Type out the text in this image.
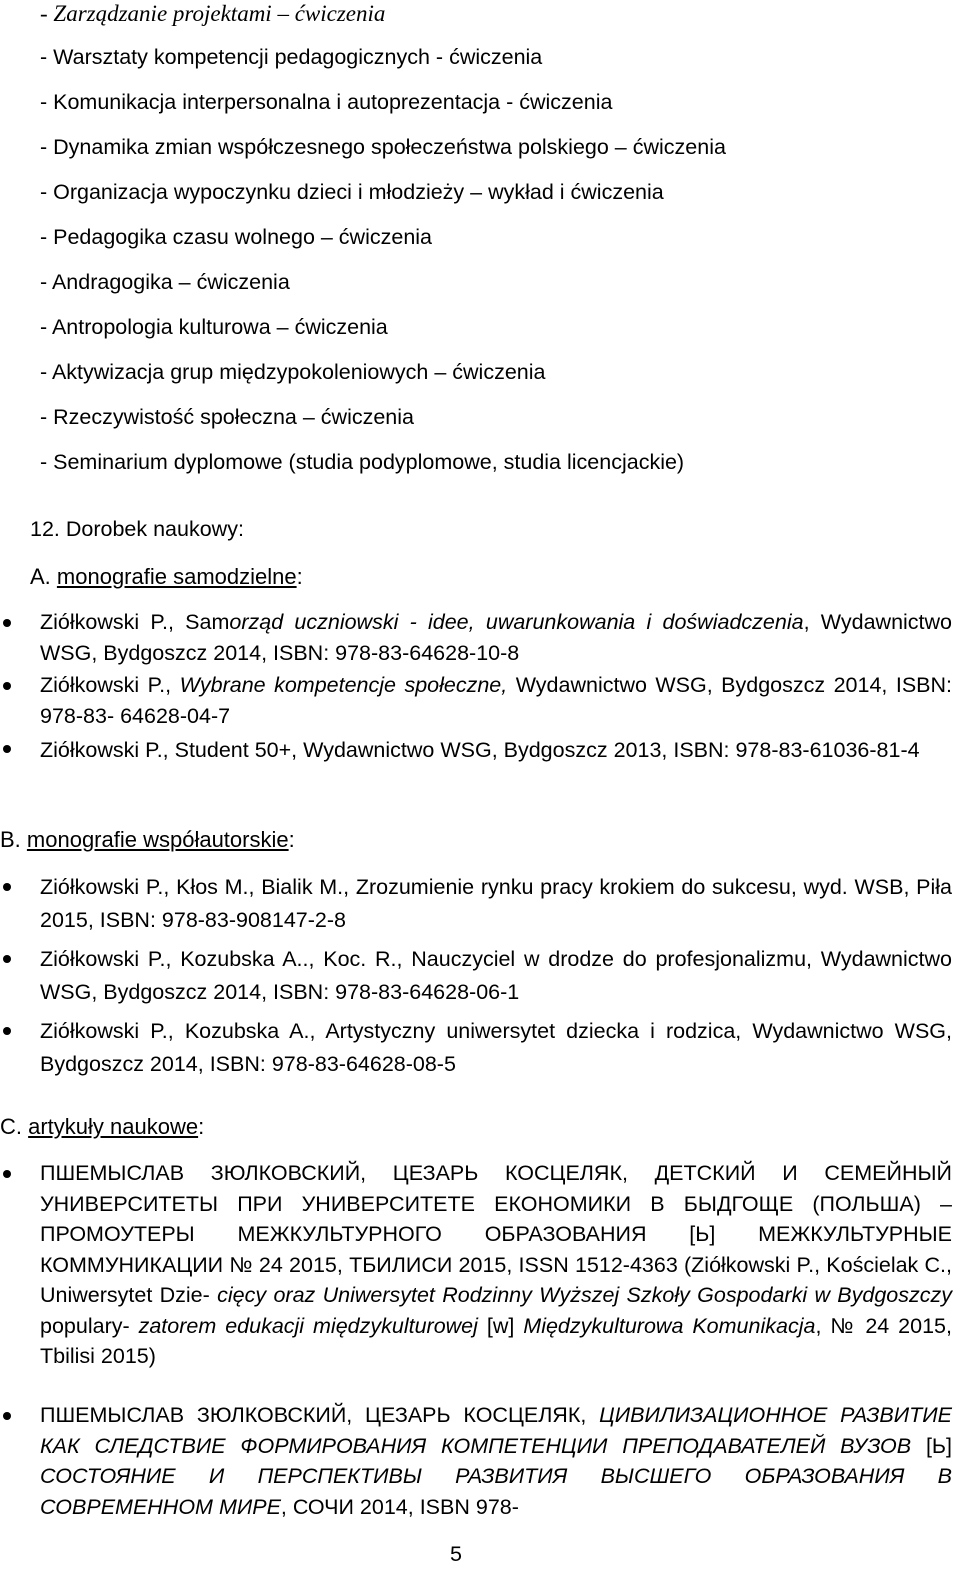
- Zarządzanie projektami – ćwiczenia
- Warsztaty kompetencji pedagogicznych - ćwiczenia
- Komunikacja interpersonalna i autoprezentacja - ćwiczenia
- Dynamika zmian współczesnego społeczeństwa polskiego – ćwiczenia
- Organizacja wypoczynku dzieci i młodzieży – wykład i ćwiczenia
- Pedagogika czasu wolnego – ćwiczenia
- Andragogika – ćwiczenia
- Antropologia kulturowa – ćwiczenia
- Aktywizacja grup międzypokoleniowych – ćwiczenia
- Rzeczywistość społeczna – ćwiczenia
- Seminarium dyplomowe (studia podyplomowe, studia licencjackie)
12. Dorobek naukowy:
A. monografie samodzielne:
Ziółkowski P., Samorząd uczniowski - idee, uwarunkowania i doświadczenia, Wydawnictwo WSG, Bydgoszcz 2014, ISBN: 978-83-64628-10-8
Ziółkowski P., Wybrane kompetencje społeczne, Wydawnictwo WSG, Bydgoszcz 2014, ISBN: 978-83- 64628-04-7
Ziółkowski P., Student 50+, Wydawnictwo WSG, Bydgoszcz 2013, ISBN: 978-83-61036-81-4
B. monografie współautorskie:
Ziółkowski P., Kłos M., Bialik M., Zrozumienie rynku pracy krokiem do sukcesu, wyd. WSB, Piła 2015, ISBN: 978-83-908147-2-8
Ziółkowski P., Kozubska A.., Koc. R., Nauczyciel w drodze do profesjonalizmu, Wydawnictwo WSG, Bydgoszcz 2014, ISBN: 978-83-64628-06-1
Ziółkowski P., Kozubska A., Artystyczny uniwersytet dziecka i rodzica, Wydawnictwo WSG, Bydgoszcz 2014, ISBN: 978-83-64628-08-5
C. artykuły naukowe:
ПШЕМЫСЛАВ ЗЮЛКОВСКИЙ, ЦЕЗАРЬ КОСЦЕЛЯК, ДЕТСКИЙ И СЕМЕЙНЫЙ УНИВЕРСИТЕТЫ ПРИ УНИВЕРСИТЕТЕ ЕКОНОМИКИ В БЫДГОЩЕ (ПОЛЬША) – ПРОМОУТЕРЫ МЕЖКУЛЬТУРНОГО ОБРАЗОВАНИЯ [Ь] МЕЖКУЛЬТУРНЫЕ КОММУНИКАЦИИ № 24 2015, ТБИЛИСИ 2015, ISSN 1512-4363 (Ziółkowski P., Kościelak C., Uniwersytet Dzie- cięcy oraz Uniwersytet Rodzinny Wyższej Szkoły Gospodarki w Bydgoszczy populary- zatorem edukacji międzykulturowej [w] Międzykulturowa Komunikacja, № 24 2015, Tbilisi 2015)
ПШЕМЫСЛАВ ЗЮЛКОВСКИЙ, ЦЕЗАРЬ КОСЦЕЛЯК, ЦИВИЛИЗАЦИОННОЕ РАЗВИТИЕ КАК СЛЕДСТВИЕ ФОРМИРОВАНИЯ КОМПЕТЕНЦИИ ПРЕПОДАВАТЕЛЕЙ ВУЗОВ [Ь] СОСТОЯНИЕ И ПЕРСПЕКТИВЫ РАЗВИТИЯ ВЫСШЕГО ОБРАЗОВАНИЯ В СОВРЕМЕННОМ МИРЕ, СОЧИ 2014, ISBN 978-
5
